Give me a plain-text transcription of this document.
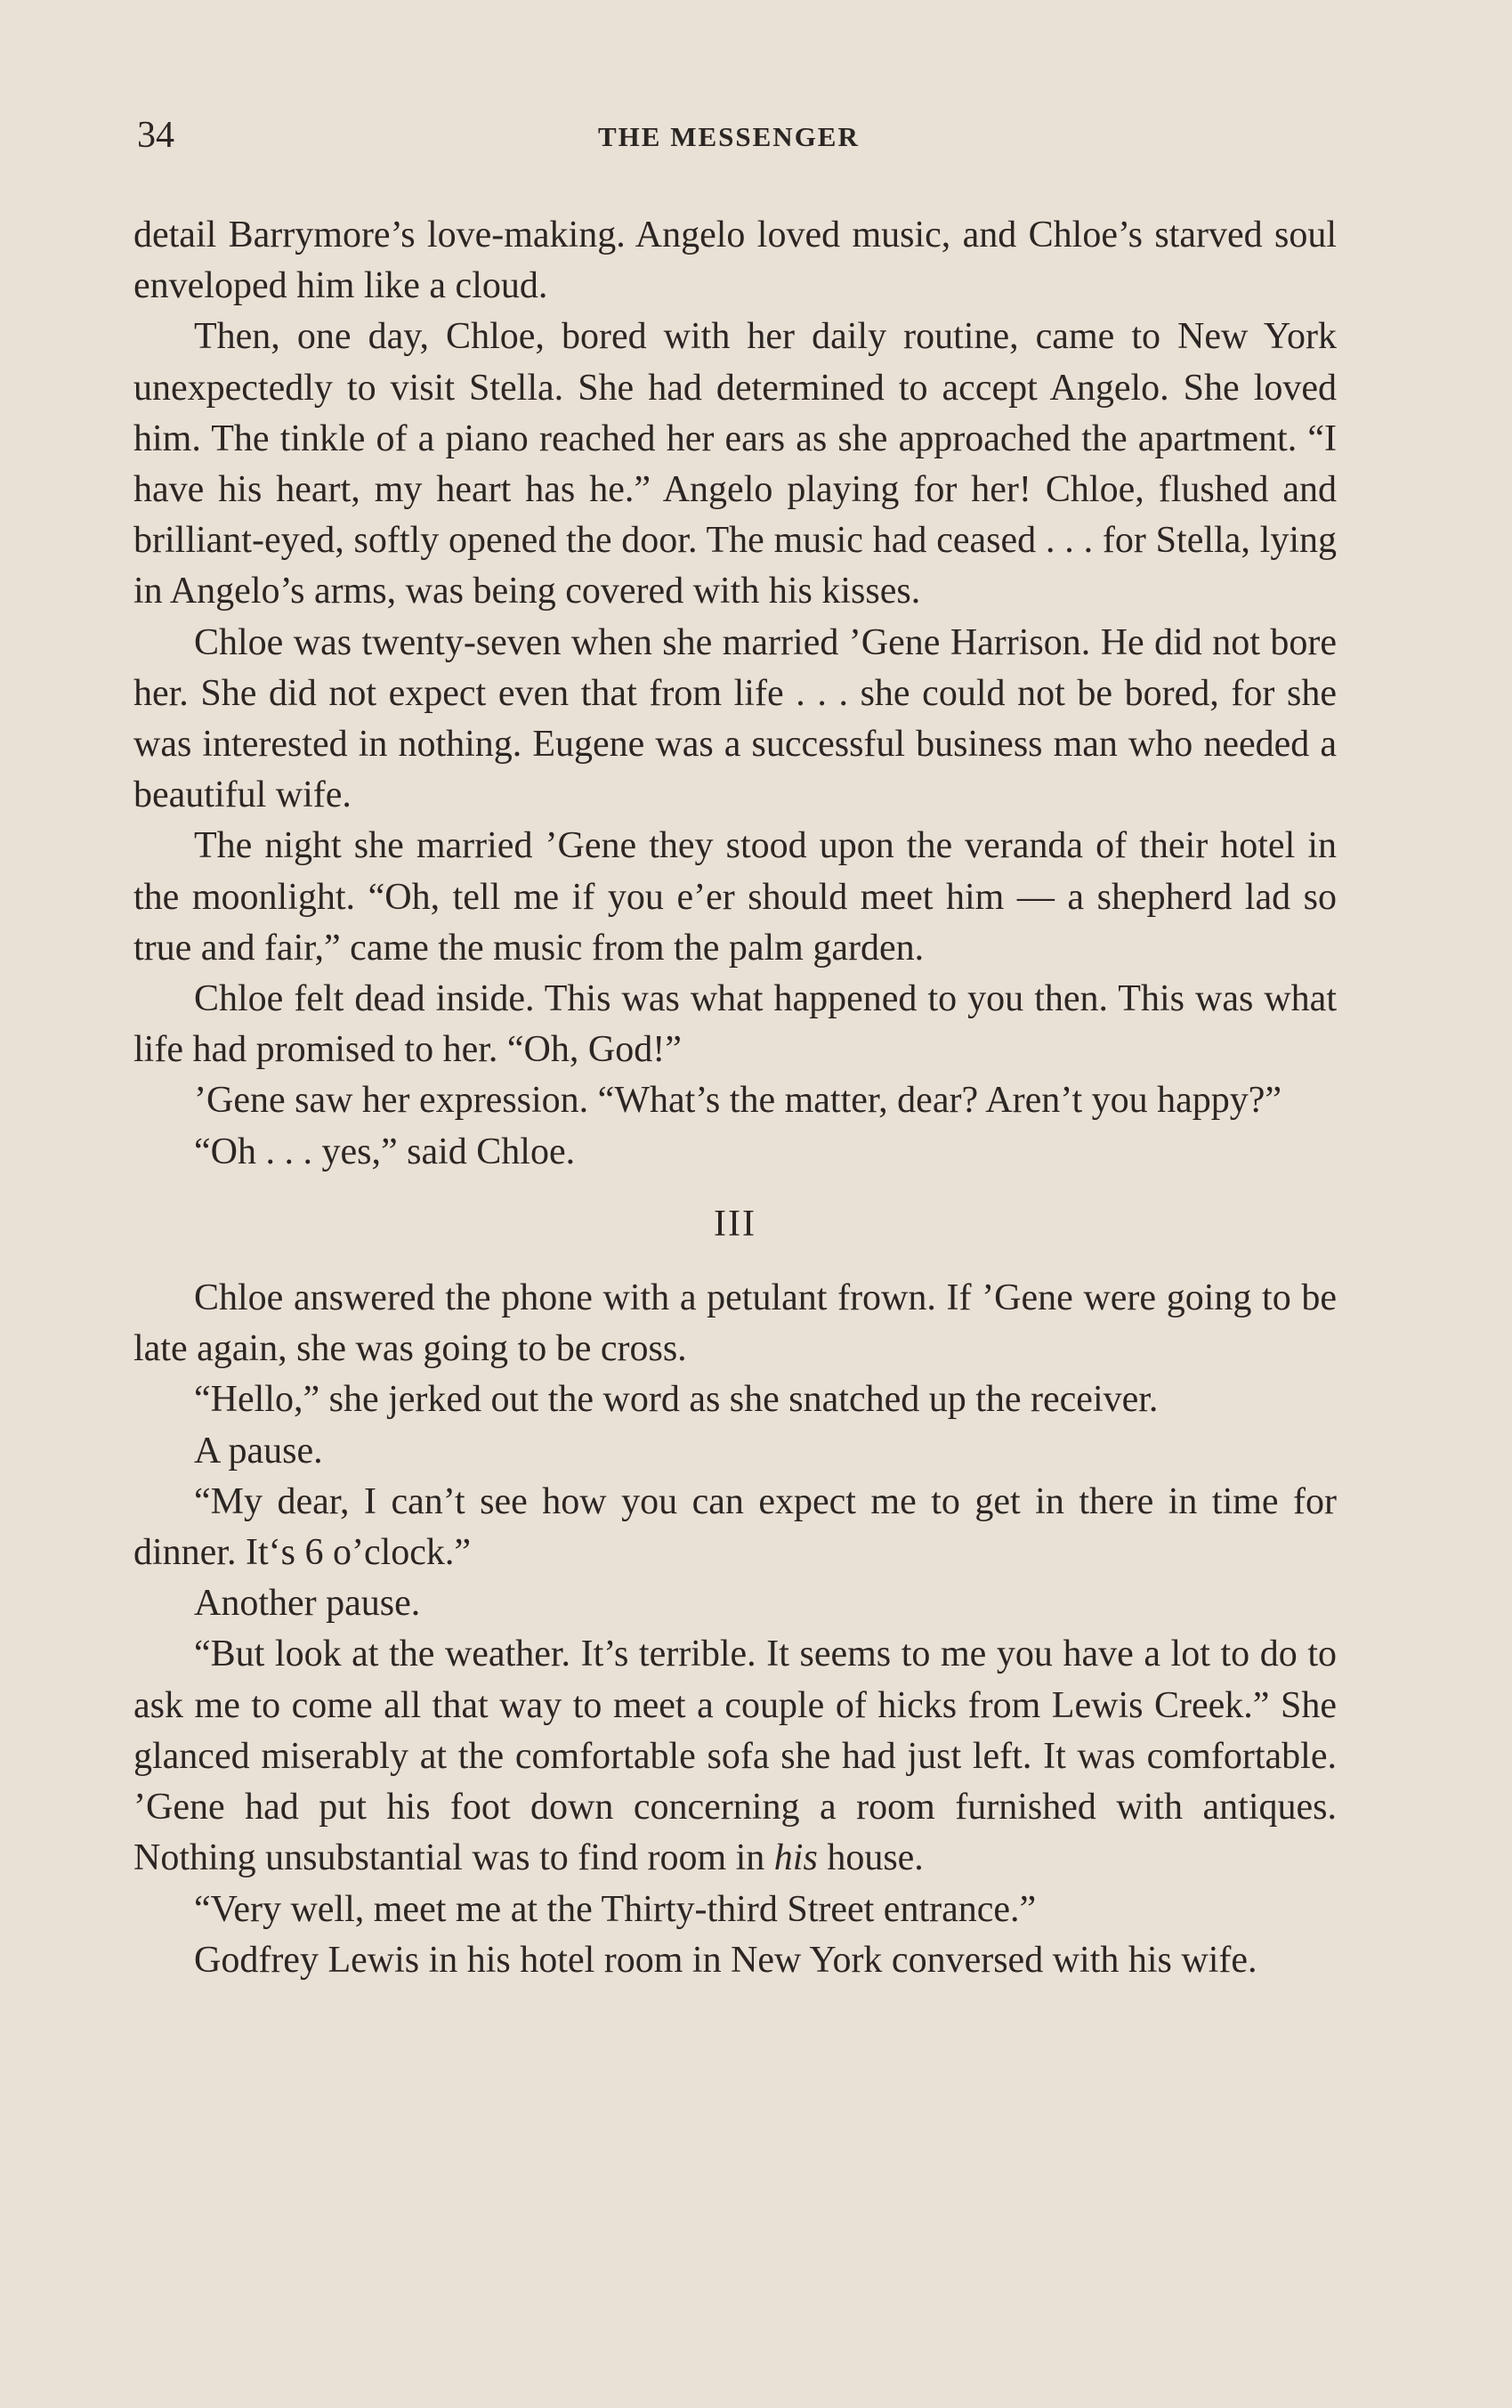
34	THE MESSENGER

detail Barrymore’s love-making. Angelo loved music, and Chloe’s starved soul enveloped him like a cloud.

Then, one day, Chloe, bored with her daily routine, came to New York unexpectedly to visit Stella. She had determined to accept Angelo. She loved him. The tinkle of a piano reached her ears as she approached the apartment. “I have his heart, my heart has he.” Angelo playing for her! Chloe, flushed and brilliant-eyed, softly opened the door. The music had ceased . . . for Stella, lying in Angelo’s arms, was being covered with his kisses.

Chloe was twenty-seven when she married ’Gene Harrison. He did not bore her. She did not expect even that from life . . . she could not be bored, for she was interested in nothing. Eugene was a successful business man who needed a beautiful wife.

The night she married ’Gene they stood upon the veranda of their hotel in the moonlight. “Oh, tell me if you e’er should meet him — a shepherd lad so true and fair,” came the music from the palm garden.

Chloe felt dead inside. This was what happened to you then. This was what life had promised to her. “Oh, God!”

’Gene saw her expression. “What’s the matter, dear? Aren’t you happy?”

“Oh . . . yes,” said Chloe.

III

Chloe answered the phone with a petulant frown. If ’Gene were going to be late again, she was going to be cross.

“Hello,” she jerked out the word as she snatched up the receiver.

A pause.

“My dear, I can’t see how you can expect me to get in there in time for dinner. It‘s 6 o’clock.”

Another pause.

“But look at the weather. It’s terrible. It seems to me you have a lot to do to ask me to come all that way to meet a couple of hicks from Lewis Creek.” She glanced miserably at the comfortable sofa she had just left. It was comfortable. ’Gene had put his foot down concerning a room furnished with antiques. Nothing unsubstantial was to find room in his house.

“Very well, meet me at the Thirty-third Street entrance.”

Godfrey Lewis in his hotel room in New York conversed with his wife.
